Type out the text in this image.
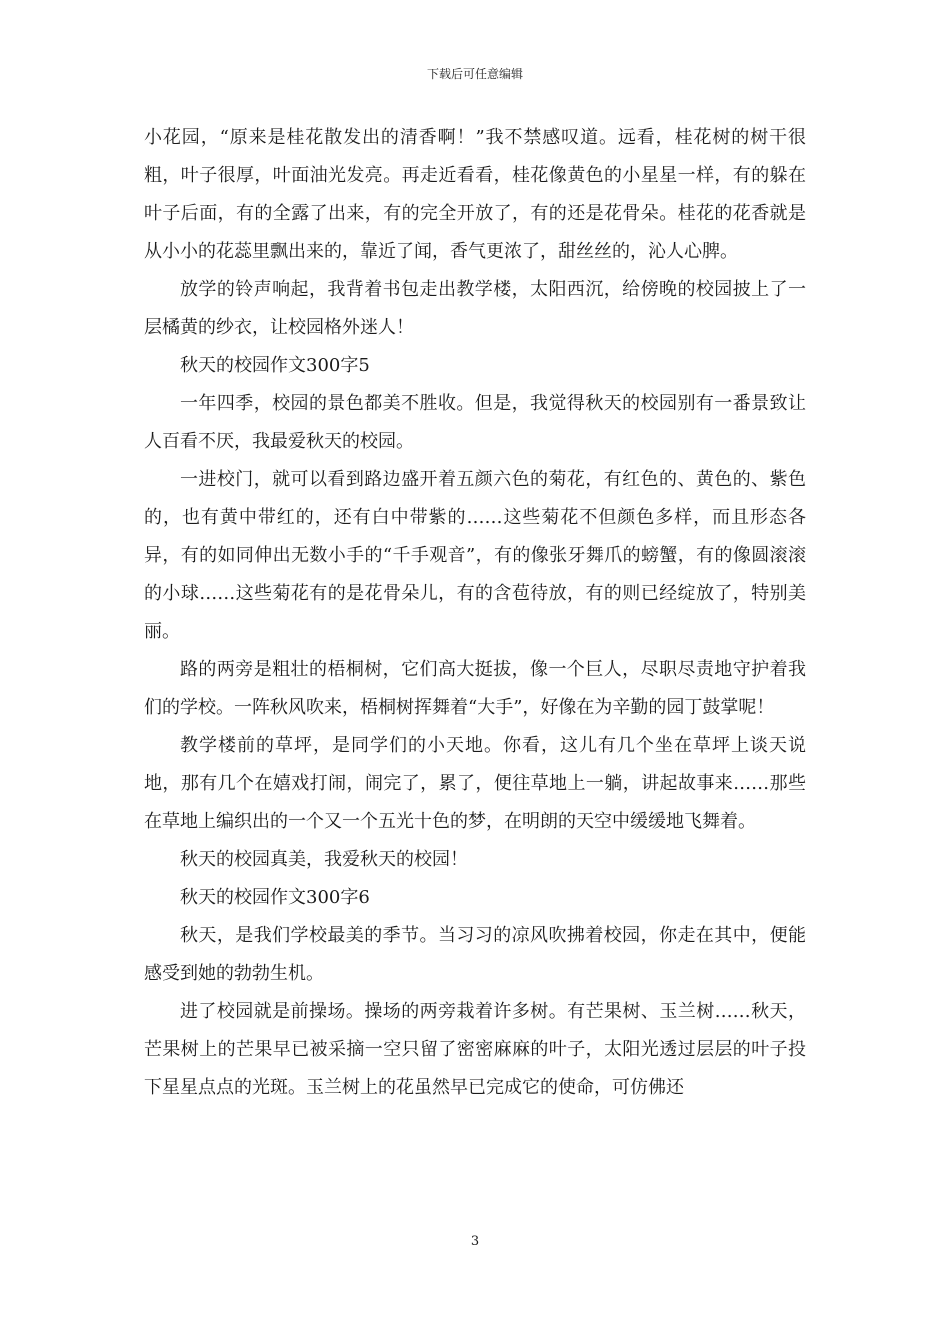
下载后可任意编辑

小花园，“原来是桂花散发出的清香啊！”我不禁感叹道。远看，桂花树的树干很粗，叶子很厚，叶面油光发亮。再走近看看，桂花像黄色的小星星一样，有的躲在叶子后面，有的全露了出来，有的完全开放了，有的还是花骨朵。桂花的花香就是从小小的花蕊里飘出来的，靠近了闻，香气更浓了，甜丝丝的，沁人心脾。

放学的铃声响起，我背着书包走出教学楼，太阳西沉，给傍晚的校园披上了一层橘黄的纱衣，让校园格外迷人！

秋天的校园作文300字5

一年四季，校园的景色都美不胜收。但是，我觉得秋天的校园别有一番景致让人百看不厌，我最爱秋天的校园。

一进校门，就可以看到路边盛开着五颜六色的菊花，有红色的、黄色的、紫色的，也有黄中带红的，还有白中带紫的……这些菊花不但颜色多样，而且形态各异，有的如同伸出无数小手的“千手观音”，有的像张牙舞爪的螃蟹，有的像圆滚滚的小球……这些菊花有的是花骨朵儿，有的含苞待放，有的则已经绽放了，特别美丽。

路的两旁是粗壮的梧桐树，它们高大挺拔，像一个巨人，尽职尽责地守护着我们的学校。一阵秋风吹来，梧桐树挥舞着“大手”，好像在为辛勤的园丁鼓掌呢！

教学楼前的草坪，是同学们的小天地。你看，这儿有几个坐在草坪上谈天说地，那有几个在嬉戏打闹，闹完了，累了，便往草地上一躺，讲起故事来……那些在草地上编织出的一个又一个五光十色的梦，在明朗的天空中缓缓地飞舞着。

秋天的校园真美，我爱秋天的校园！

秋天的校园作文300字6

秋天，是我们学校最美的季节。当习习的凉风吹拂着校园，你走在其中，便能感受到她的勃勃生机。

进了校园就是前操场。操场的两旁栽着许多树。有芒果树、玉兰树……秋天，芒果树上的芒果早已被采摘一空只留了密密麻麻的叶子，太阳光透过层层的叶子投下星星点点的光斑。玉兰树上的花虽然早已完成它的使命，可仿佛还

3
